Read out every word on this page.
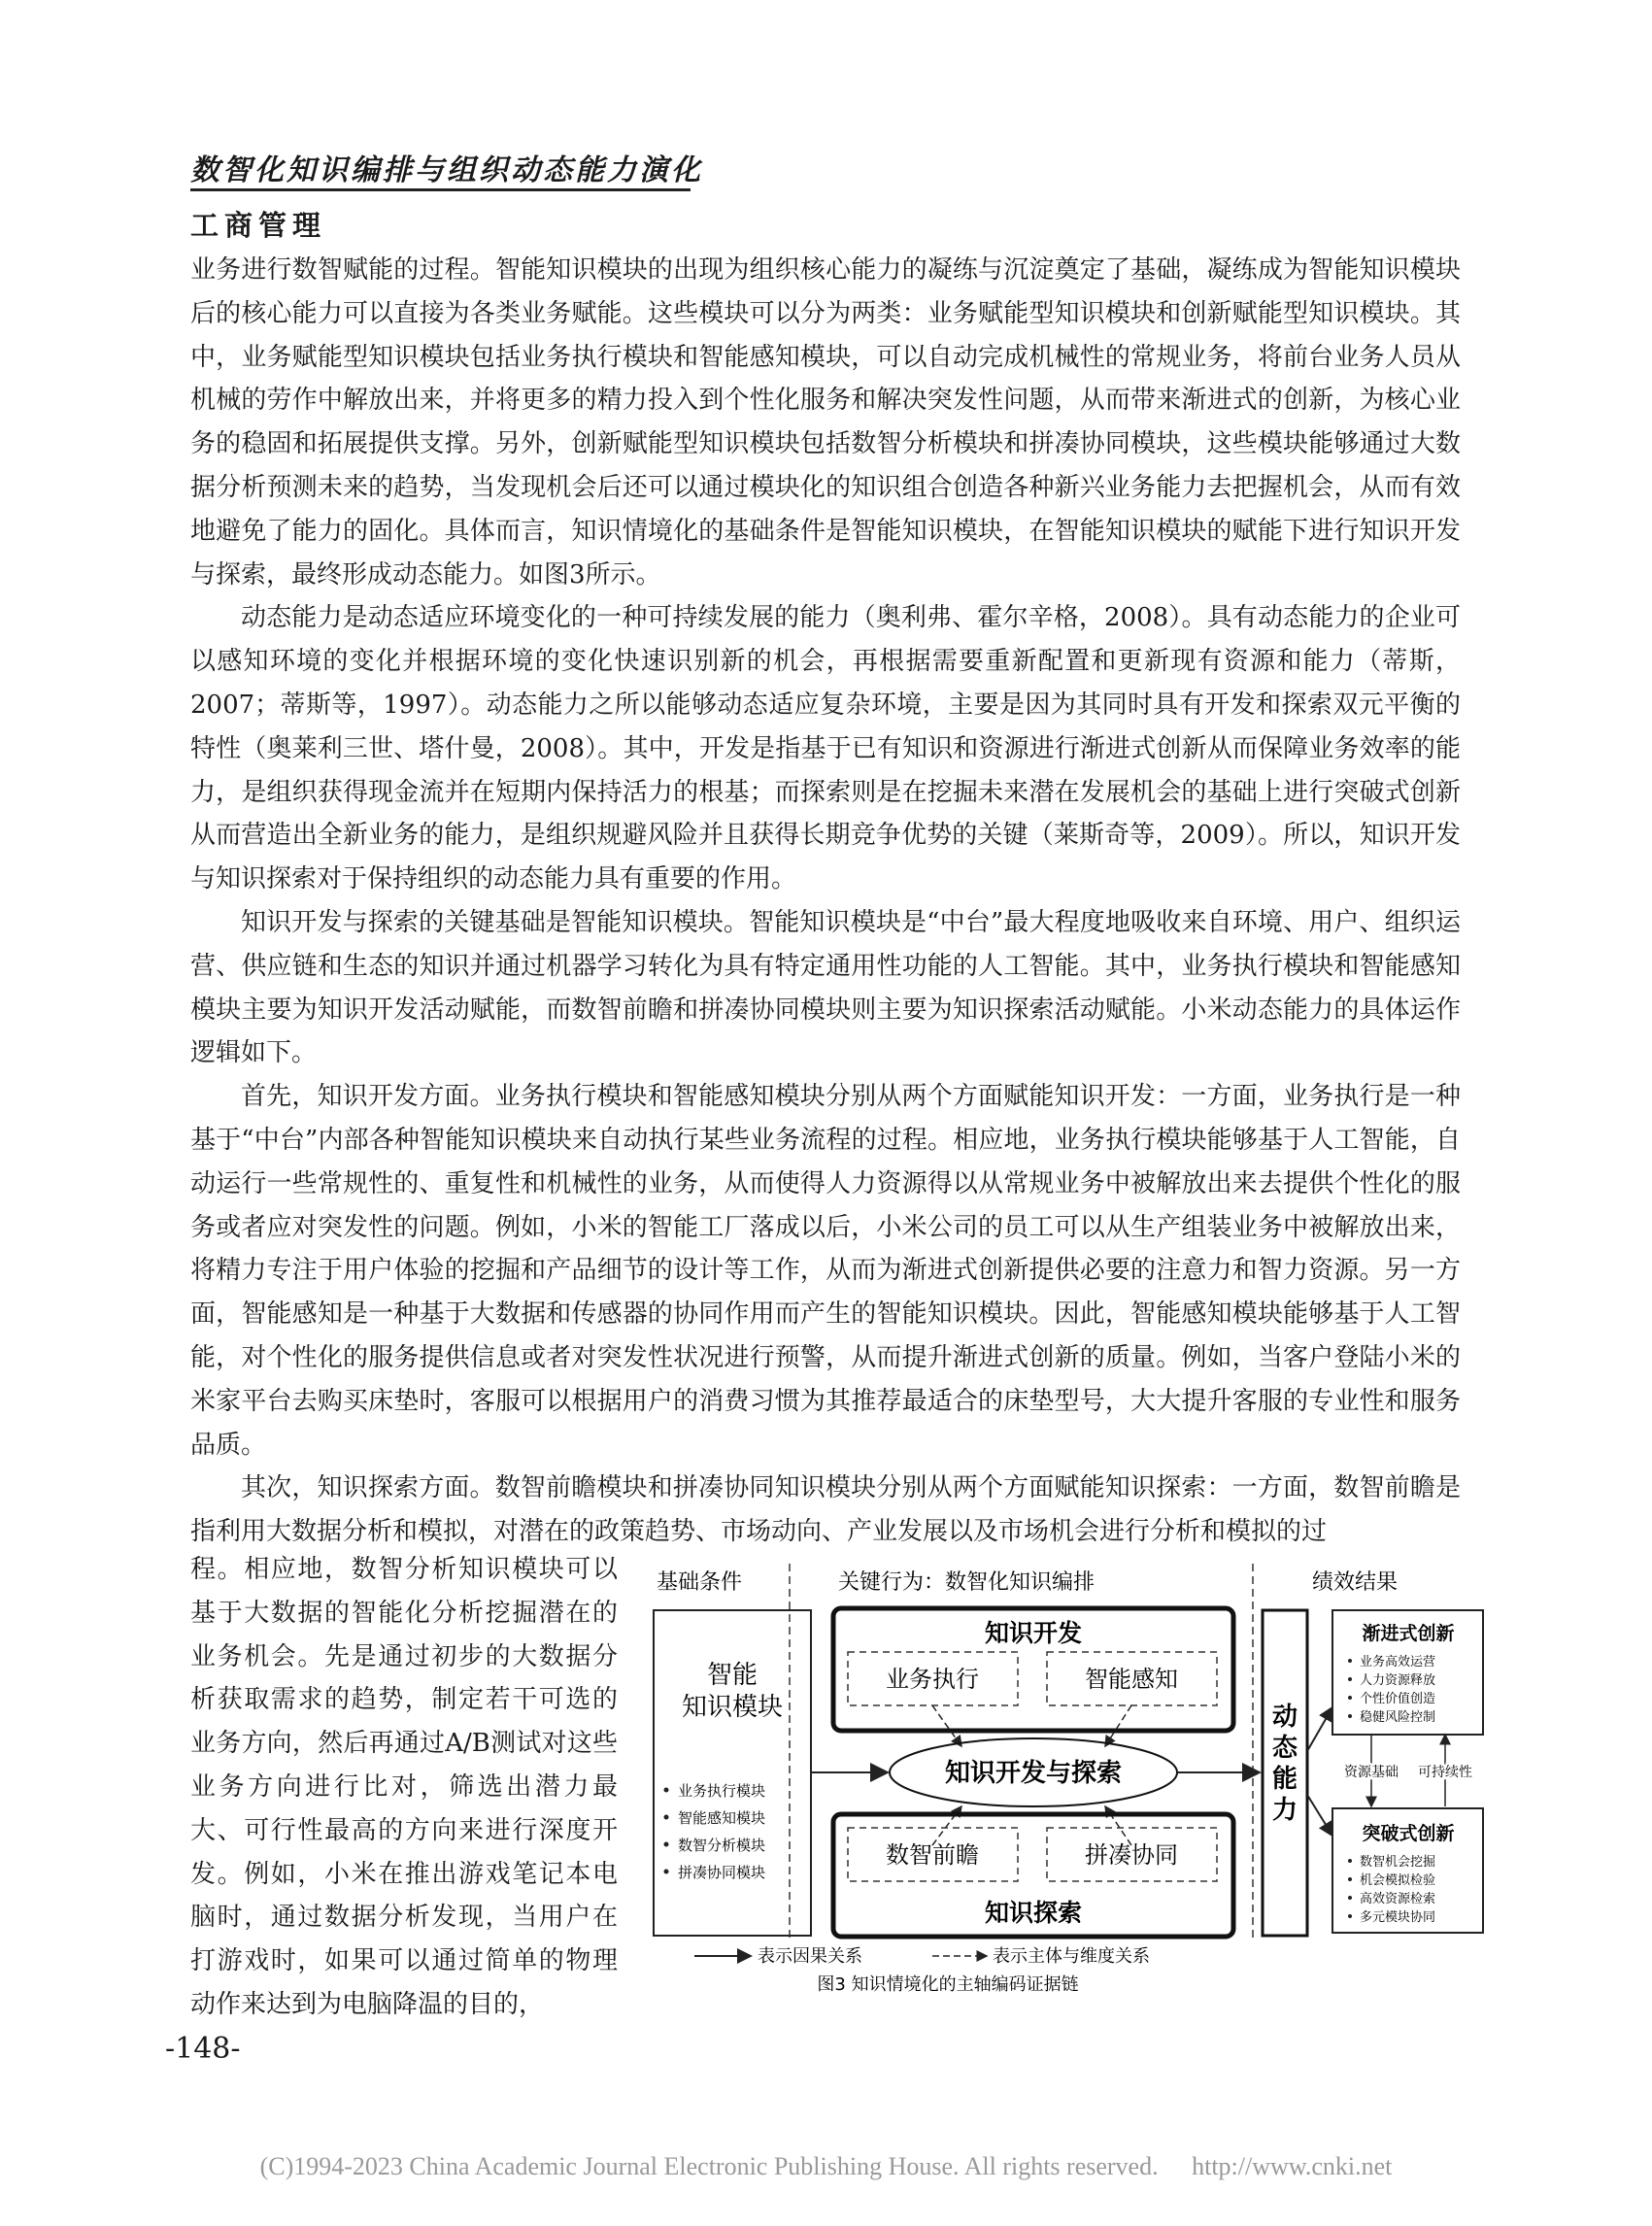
数智化知识编排与组织动态能力演化
工商管理

业务进行数智赋能的过程。智能知识模块的出现为组织核心能力的凝练与沉淀奠定了基础，凝练成为智能知识模块后的核心能力可以直接为各类业务赋能。这些模块可以分为两类：业务赋能型知识模块和创新赋能型知识模块。其中，业务赋能型知识模块包括业务执行模块和智能感知模块，可以自动完成机械性的常规业务，将前台业务人员从机械的劳作中解放出来，并将更多的精力投入到个性化服务和解决突发性问题，从而带来渐进式的创新，为核心业务的稳固和拓展提供支撑。另外，创新赋能型知识模块包括数智分析模块和拼凑协同模块，这些模块能够通过大数据分析预测未来的趋势，当发现机会后还可以通过模块化的知识组合创造各种新兴业务能力去把握机会，从而有效地避免了能力的固化。具体而言，知识情境化的基础条件是智能知识模块，在智能知识模块的赋能下进行知识开发与探索，最终形成动态能力。如图3所示。

动态能力是动态适应环境变化的一种可持续发展的能力（奥利弗、霍尔辛格，2008）。具有动态能力的企业可以感知环境的变化并根据环境的变化快速识别新的机会，再根据需要重新配置和更新现有资源和能力（蒂斯，2007；蒂斯等，1997）。动态能力之所以能够动态适应复杂环境，主要是因为其同时具有开发和探索双元平衡的特性（奥莱利三世、塔什曼，2008）。其中，开发是指基于已有知识和资源进行渐进式创新从而保障业务效率的能力，是组织获得现金流并在短期内保持活力的根基；而探索则是在挖掘未来潜在发展机会的基础上进行突破式创新从而营造出全新业务的能力，是组织规避风险并且获得长期竞争优势的关键（莱斯奇等，2009）。所以，知识开发与知识探索对于保持组织的动态能力具有重要的作用。

知识开发与探索的关键基础是智能知识模块。智能知识模块是“中台”最大程度地吸收来自环境、用户、组织运营、供应链和生态的知识并通过机器学习转化为具有特定通用性功能的人工智能。其中，业务执行模块和智能感知模块主要为知识开发活动赋能，而数智前瞻和拼凑协同模块则主要为知识探索活动赋能。小米动态能力的具体运作逻辑如下。

首先，知识开发方面。业务执行模块和智能感知模块分别从两个方面赋能知识开发：一方面，业务执行是一种基于“中台”内部各种智能知识模块来自动执行某些业务流程的过程。相应地，业务执行模块能够基于人工智能，自动运行一些常规性的、重复性和机械性的业务，从而使得人力资源得以从常规业务中被解放出来去提供个性化的服务或者应对突发性的问题。例如，小米的智能工厂落成以后，小米公司的员工可以从生产组装业务中被解放出来，将精力专注于用户体验的挖掘和产品细节的设计等工作，从而为渐进式创新提供必要的注意力和智力资源。另一方面，智能感知是一种基于大数据和传感器的协同作用而产生的智能知识模块。因此，智能感知模块能够基于人工智能，对个性化的服务提供信息或者对突发性状况进行预警，从而提升渐进式创新的质量。例如，当客户登陆小米的米家平台去购买床垫时，客服可以根据用户的消费习惯为其推荐最适合的床垫型号，大大提升客服的专业性和服务品质。

其次，知识探索方面。数智前瞻模块和拼凑协同知识模块分别从两个方面赋能知识探索：一方面，数智前瞻是指利用大数据分析和模拟，对潜在的政策趋势、市场动向、产业发展以及市场机会进行分析和模拟的过

程。相应地，数智分析知识模块可以基于大数据的智能化分析挖掘潜在的业务机会。先是通过初步的大数据分析获取需求的趋势，制定若干可选的业务方向，然后再通过A/B测试对这些业务方向进行比对，筛选出潜力最大、可行性最高的方向来进行深度开发。例如，小米在推出游戏笔记本电脑时，通过数据分析发现，当用户在打游戏时，如果可以通过简单的物理动作来达到为电脑降温的目的，
基础条件	关键行为：数智化知识编排	绩效结果
智能
知识模块
业务执行模块
智能感知模块
数智分析模块
拼凑协同模块
知识开发
业务执行	智能感知
知识开发与探索
数智前瞻	拼凑协同
知识探索
动
态
能
力
渐进式创新
业务高效运营
人力资源释放
个性价值创造
稳健风险控制
资源基础 可持续性
突破式创新
数智机会挖掘
机会模拟检验
高效资源检索
多元模块协同
表示因果关系	表示主体与维度关系
图3 知识情境化的主轴编码证据链
-148-
(C)1994-2023 China Academic Journal Electronic Publishing House. All rights reserved. http://www.cnki.net
